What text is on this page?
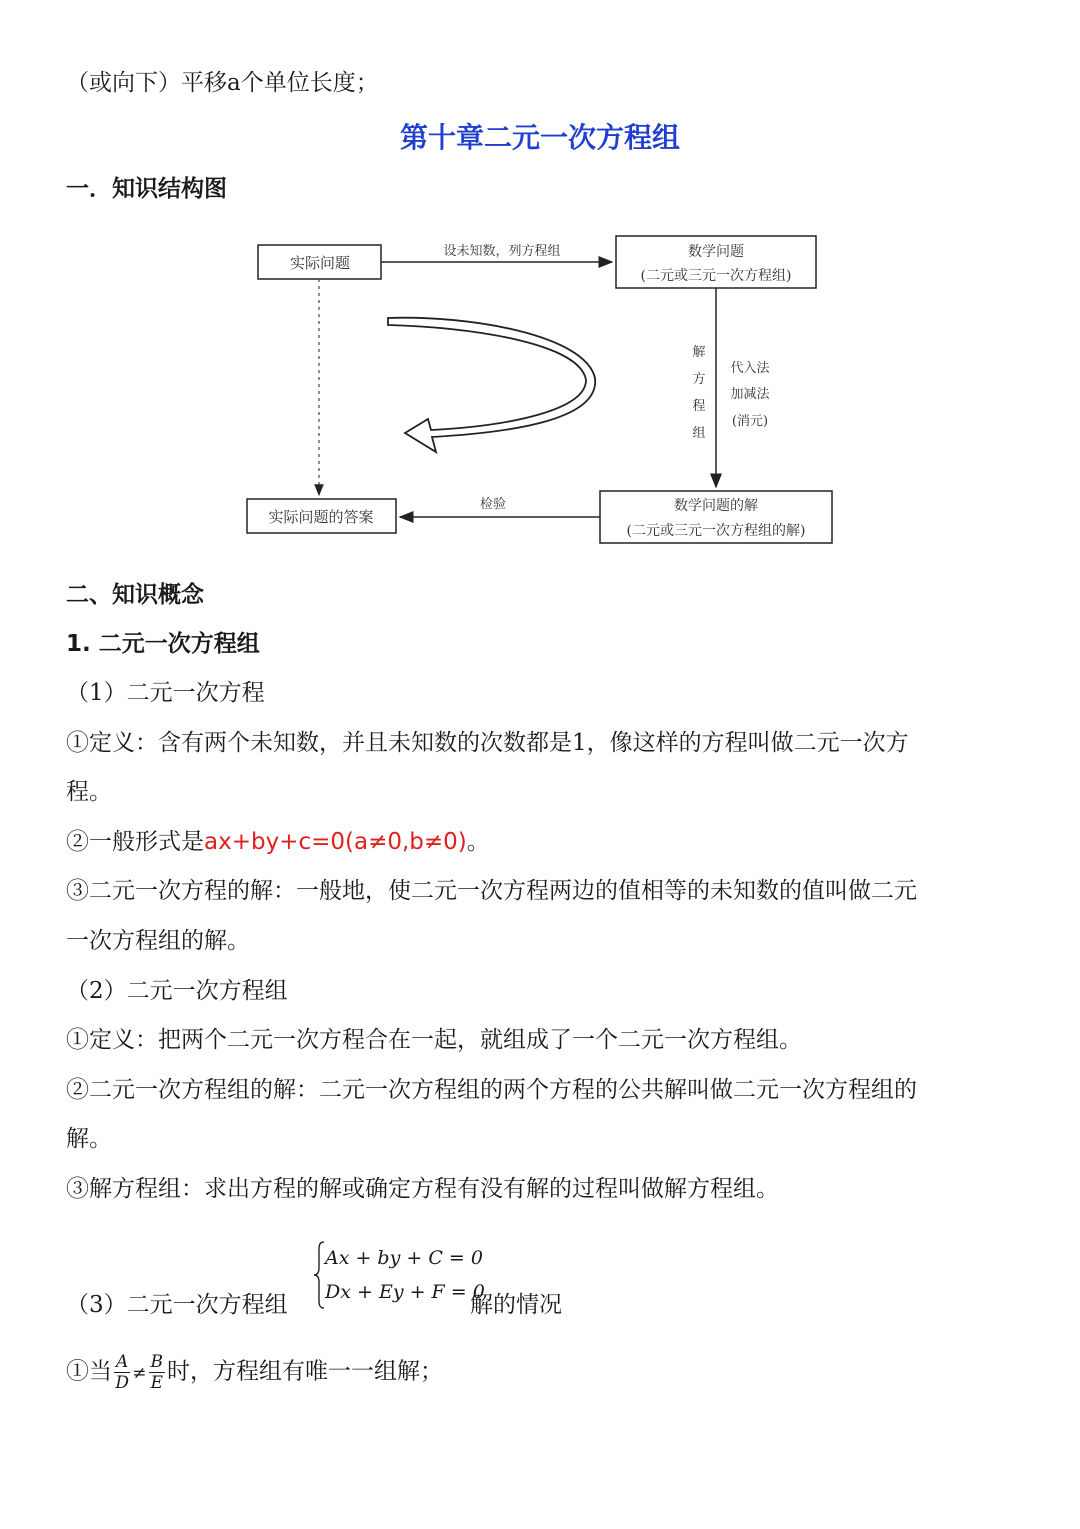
（或向下）平移a个单位长度；
第十章二元一次方程组
一．知识结构图
实际问题
设未知数，列方程组	数学问题
(二元或三元一次方程组)
解
方
程
组
代入法
加减法
(消元)
数学问题的解
(二元或三元一次方程组的解)
检验
实际问题的答案
二、知识概念
1. 二元一次方程组
（1）二元一次方程
①定义：含有两个未知数，并且未知数的次数都是1，像这样的方程叫做二元一次方
程。
②一般形式是ax+by+c=0(a≠0,b≠0)。
③二元一次方程的解：一般地，使二元一次方程两边的值相等的未知数的值叫做二元
一次方程组的解。
（2）二元一次方程组
①定义：把两个二元一次方程合在一起，就组成了一个二元一次方程组。
②二元一次方程组的解：二元一次方程组的两个方程的公共解叫做二元一次方程组的
解。
③解方程组：求出方程的解或确定方程有没有解的过程叫做解方程组。
（3）二元一次方程组
Ax + by + C = 0
Dx + Ey + F = 0
解的情况
①当 $\frac{A}{D} \ne \frac{B}{E}$ 时，方程组有唯一一组解；
